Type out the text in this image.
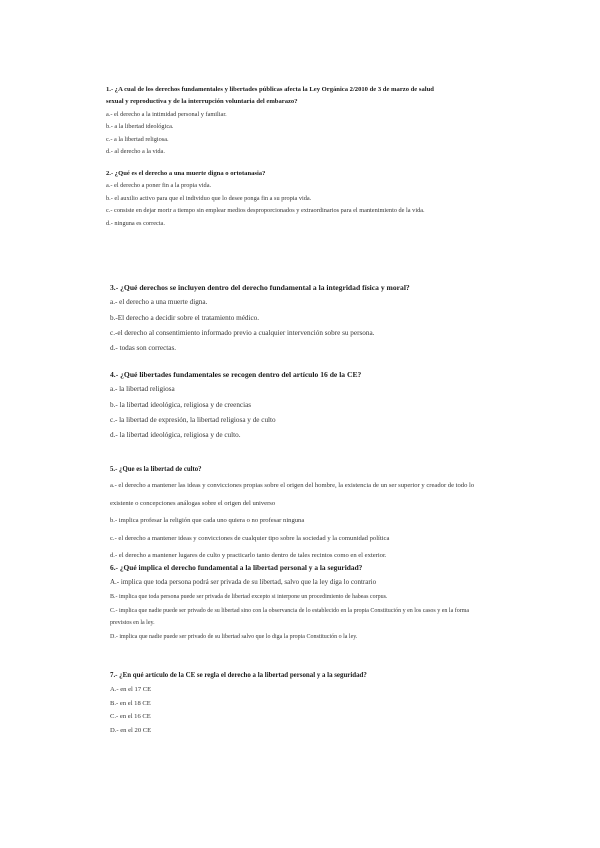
1.- ¿A cual de los derechos fundamentales y libertades públicas afecta la Ley Orgánica 2/2010 de 3 de marzo de salud sexual y reproductiva y de la interrupción voluntaria del embarazo?

a.- el derecho a la intimidad personal y familiar.

b.- a la libertad ideológica.

c.- a la libertad religiosa.

d.- al derecho a la vida.

2.- ¿Qué es el derecho a una muerte digna o ortotanasia?

a.- el derecho a poner fin a la propia vida.

b.- el auxilio activo para que el individuo que lo desee ponga fin a su propia vida.

c.- consiste en dejar morir a tiempo sin emplear medios desproporcionados y extraordinarios para el mantenimiento de la vida.

d.- ninguna es correcta.

3.- ¿Qué derechos se incluyen dentro del derecho fundamental a la integridad física y moral?

a.- el derecho a una muerte digna.

b.-El derecho a decidir sobre el tratamiento médico.

c.-el derecho al consentimiento informado previo a cualquier intervención sobre su persona.

d.- todas son correctas.

4.- ¿Qué libertades fundamentales se recogen dentro del artículo 16 de la CE?

a.- la libertad religiosa

b.- la libertad ideológica, religiosa y de creencias

c.- la libertad de expresión, la libertad religiosa y de culto

d.- la libertad ideológica, religiosa y de culto.

5.- ¿Que es la libertad de culto?

a.- el derecho a mantener las ideas y convicciones propias sobre el origen del hombre, la existencia de un ser superior y creador de todo lo existente o concepciones análogas sobre el origen del universo

b.- implica profesar la religión que cada uno quiera o no profesar ninguna

c.- el derecho a mantener ideas y convicciones de cualquier tipo sobre la sociedad y la comunidad política

d.- el derecho a mantener lugares de culto y practicarlo tanto dentro de tales recintos como en el exterior.

6.- ¿Qué implica el derecho fundamental a la libertad personal y a la seguridad?

A.- implica que toda persona podrá ser privada de su libertad, salvo que la ley diga lo contrario

B.- implica que toda persona puede ser privada de libertad excepto si interpone un procedimiento de habeas corpus.

C.- implica que nadie puede ser privado de su libertad sino con la observancia de lo establecido en la propia Constitución y en los casos y en la forma previstos en la ley.

D.- implica que nadie puede ser privado de su libertad salvo que lo diga la propia Constitución o la ley.

7.- ¿En qué artículo de la CE se regla el derecho a la libertad personal y a la seguridad?

A.- en el 17 CE

B.- en el 18 CE

C.- en el 16 CE

D.- en el 20 CE
